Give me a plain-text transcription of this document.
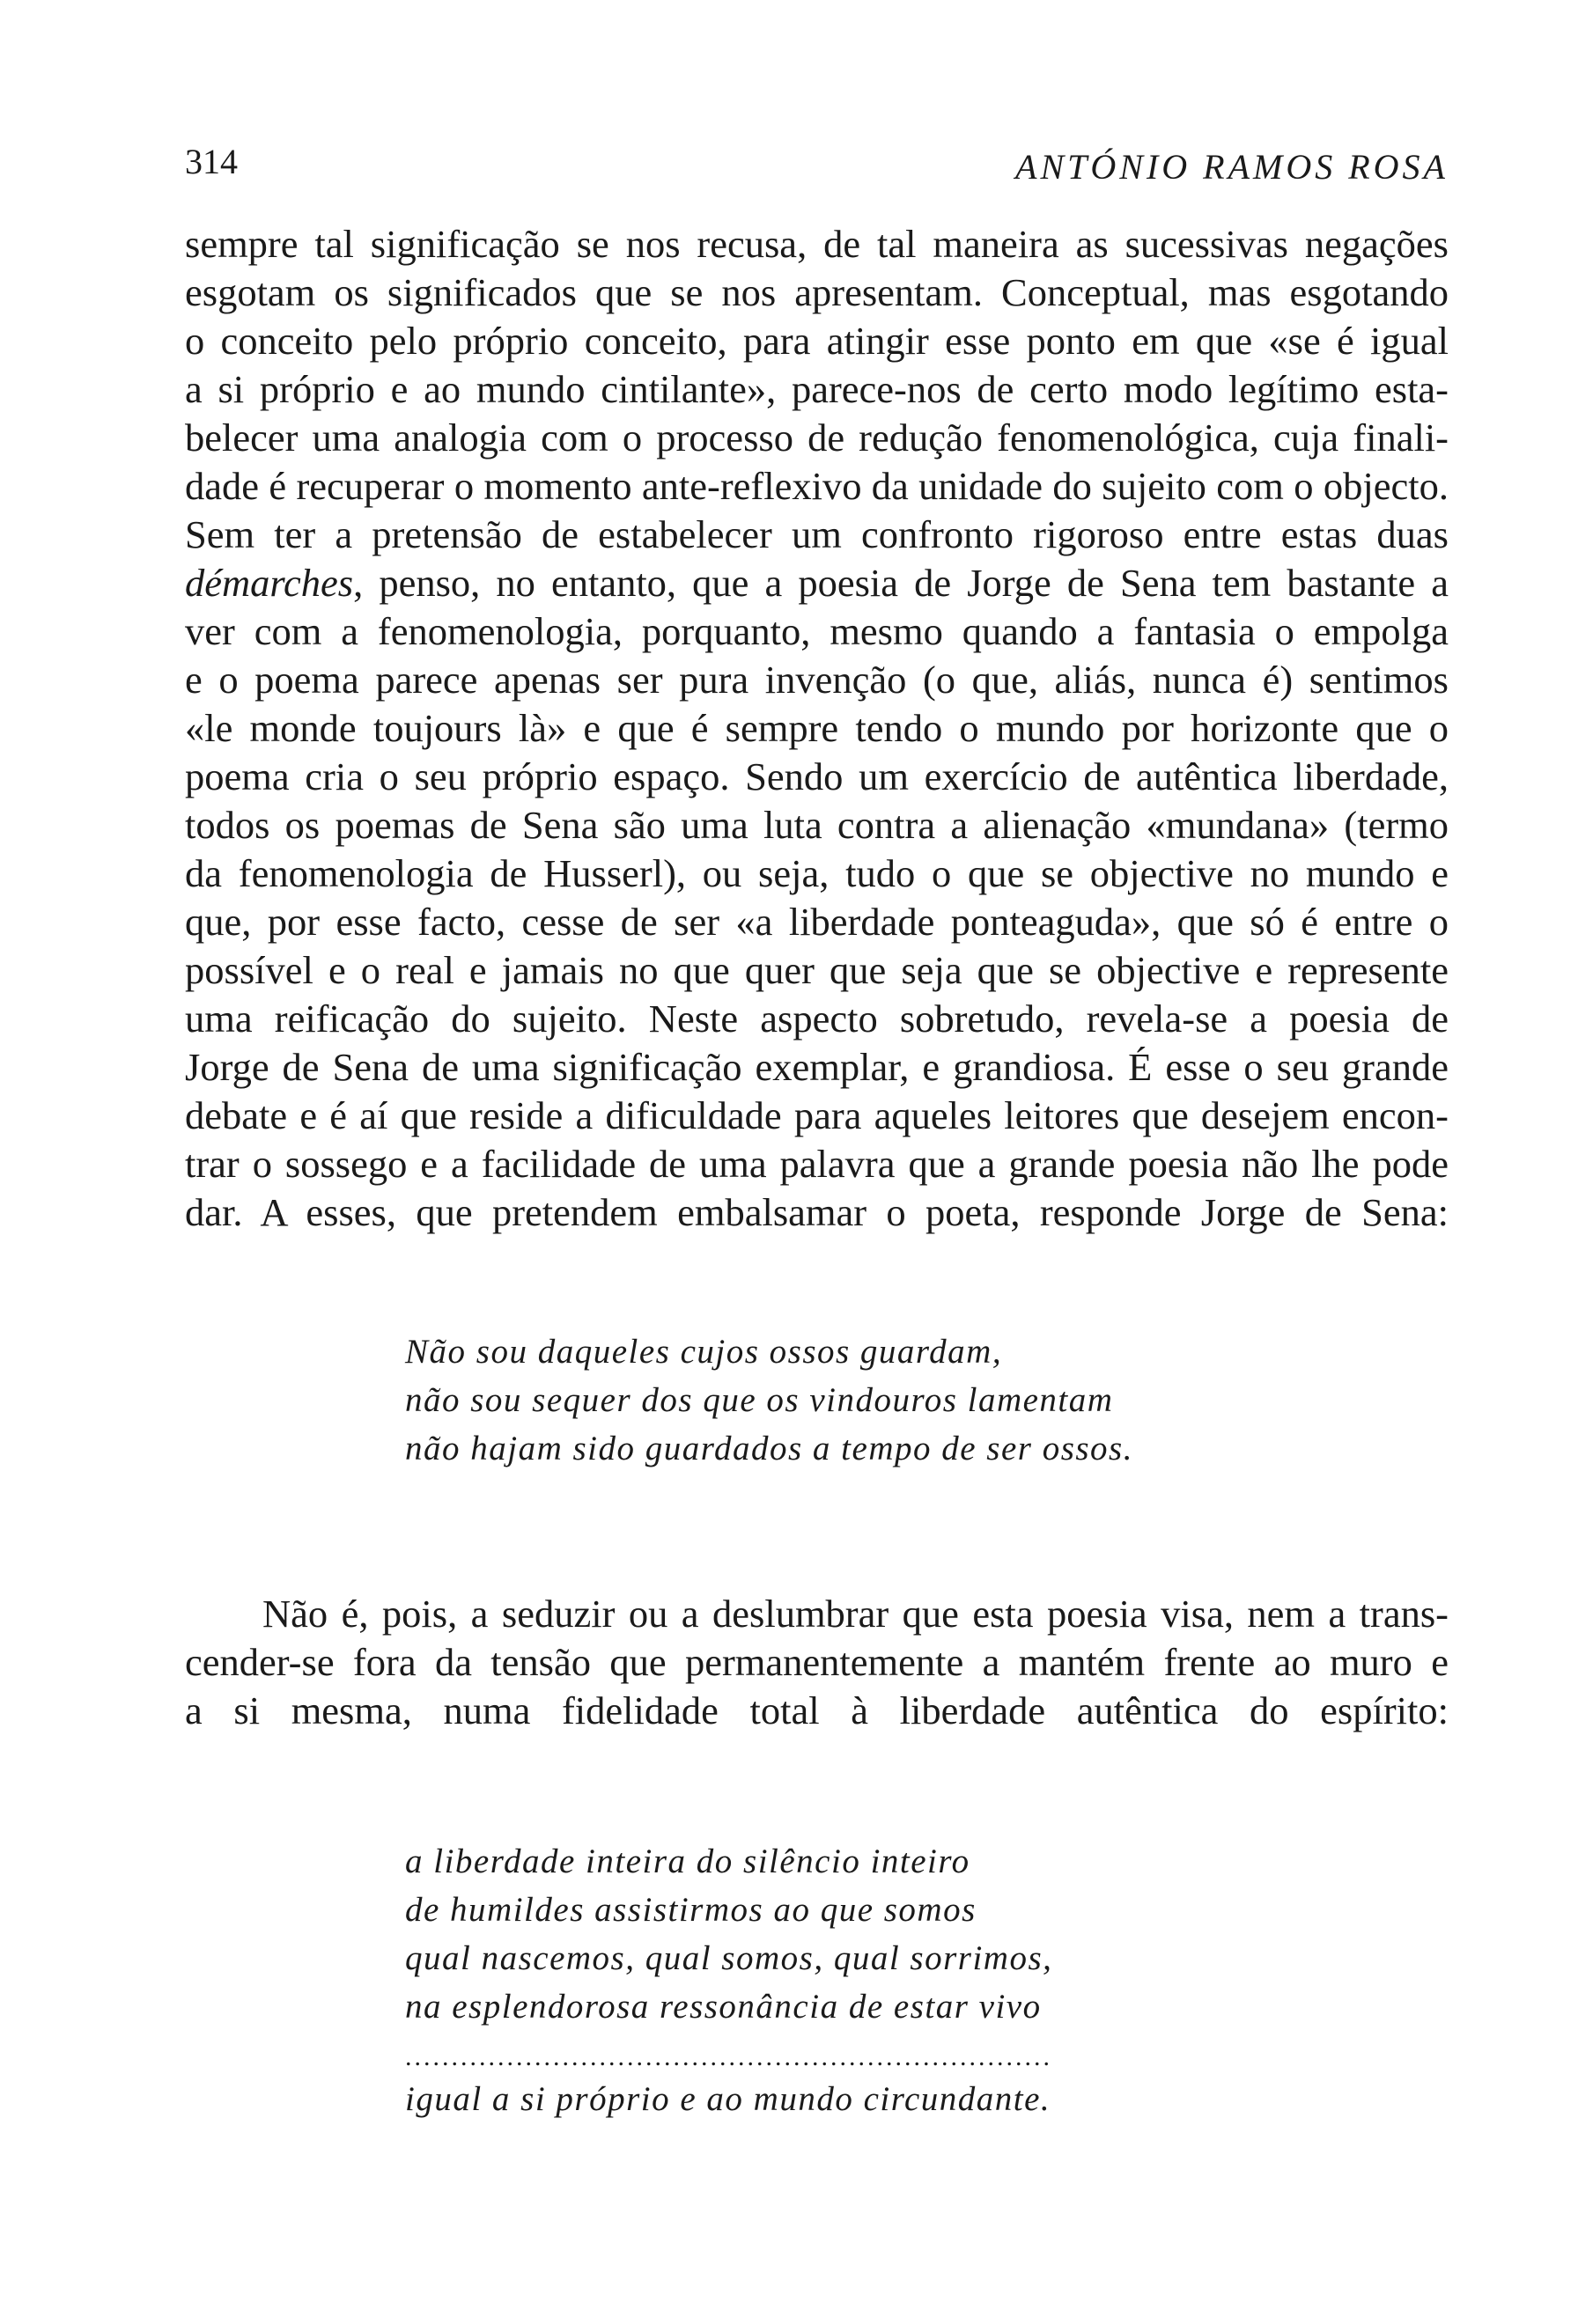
314	ANTÓNIO RAMOS ROSA
sempre tal significação se nos recusa, de tal maneira as sucessivas negações
esgotam os significados que se nos apresentam. Conceptual, mas esgotando
o conceito pelo próprio conceito, para atingir esse ponto em que «se é igual
a si próprio e ao mundo cintilante», parece-nos de certo modo legítimo esta-
belecer uma analogia com o processo de redução fenomenológica, cuja finali-
dade é recuperar o momento ante-reflexivo da unidade do sujeito com o objecto.
Sem ter a pretensão de estabelecer um confronto rigoroso entre estas duas
démarches, penso, no entanto, que a poesia de Jorge de Sena tem bastante a
ver com a fenomenologia, porquanto, mesmo quando a fantasia o empolga
e o poema parece apenas ser pura invenção (o que, aliás, nunca é) sentimos
«le monde toujours là» e que é sempre tendo o mundo por horizonte que o
poema cria o seu próprio espaço. Sendo um exercício de autêntica liberdade,
todos os poemas de Sena são uma luta contra a alienação «mundana» (termo
da fenomenologia de Husserl), ou seja, tudo o que se objective no mundo e
que, por esse facto, cesse de ser «a liberdade ponteaguda», que só é entre o
possível e o real e jamais no que quer que seja que se objective e represente
uma reificação do sujeito. Neste aspecto sobretudo, revela-se a poesia de
Jorge de Sena de uma significação exemplar, e grandiosa. É esse o seu grande
debate e é aí que reside a dificuldade para aqueles leitores que desejem encon-
trar o sossego e a facilidade de uma palavra que a grande poesia não lhe pode
dar. A esses, que pretendem embalsamar o poeta, responde Jorge de Sena:
Não sou daqueles cujos ossos guardam,
não sou sequer dos que os vindouros lamentam
não hajam sido guardados a tempo de ser ossos.
Não é, pois, a seduzir ou a deslumbrar que esta poesia visa, nem a trans-
cender-se fora da tensão que permanentemente a mantém frente ao muro e
a si mesma, numa fidelidade total à liberdade autêntica do espírito:
a liberdade inteira do silêncio inteiro
de humildes assistirmos ao que somos
qual nascemos, qual somos, qual sorrimos,
na esplendorosa ressonância de estar vivo
......................................................................
igual a si próprio e ao mundo circundante.
